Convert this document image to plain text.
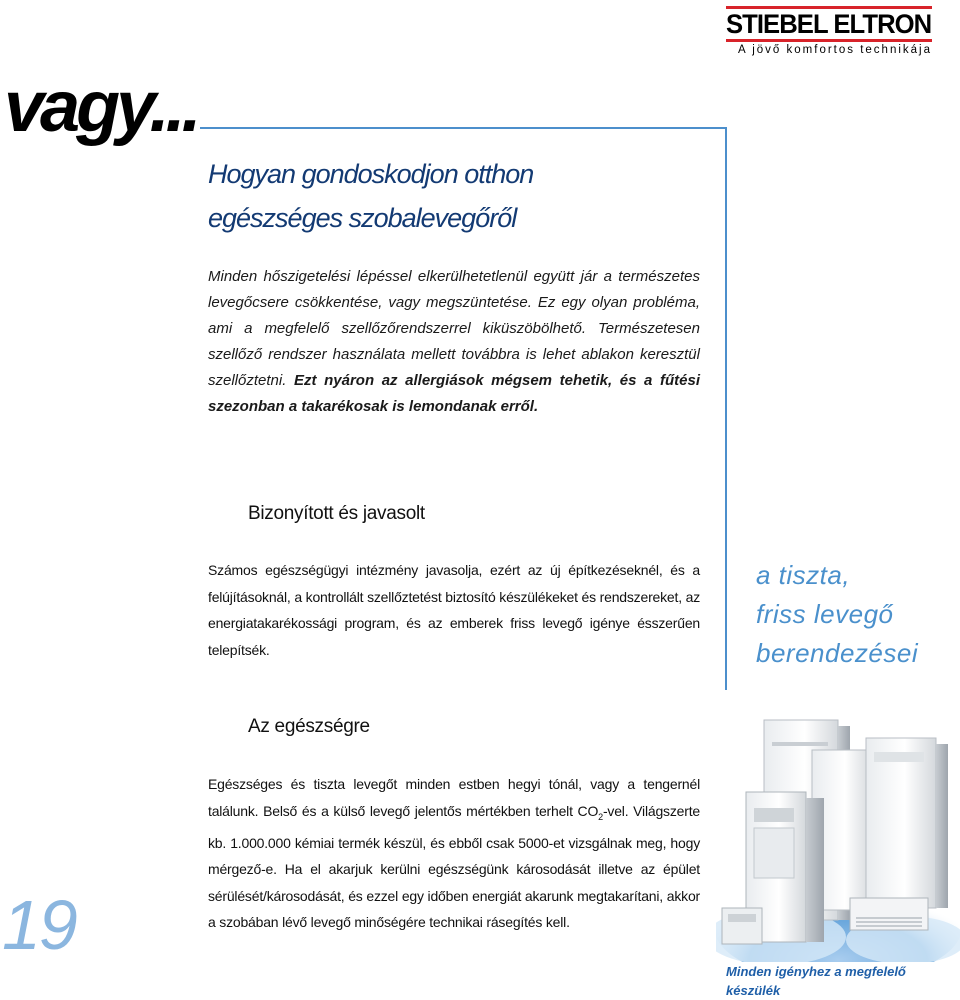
STIEBEL ELTRON
A jövő komfortos technikája
vagy...
Hogyan gondoskodjon otthon
egészséges szobalevegőről
Minden hőszigetelési lépéssel elkerülhetetlenül együtt jár a természetes levegőcsere csökkentése, vagy megszüntetése. Ez egy olyan probléma, ami a megfelelő szellőzőrendszerrel kiküszöbölhető. Természetesen szellőző rendszer használata mellett továbbra is lehet ablakon keresztül szellőztetni. Ezt nyáron az allergiások mégsem tehetik, és a fűtési szezonban a takarékosak is lemondanak erről.
Bizonyított és javasolt
Számos egészségügyi intézmény javasolja, ezért az új építkezéseknél, és a felújításoknál, a kontrollált szellőztetést biztosító készülékeket és rendszereket, az energiatakarékossági program, és az emberek friss levegő igénye ésszerűen telepítsék.
Az egészségre
Egészséges és tiszta levegőt minden estben hegyi tónál, vagy a tengernél találunk. Belső és a külső levegő jelentős mértékben terhelt $CO_2$-vel. Világszerte kb. 1.000.000 kémiai termék készül, és ebből csak 5000-et vizsgálnak meg, hogy mérgező-e. Ha el akarjuk kerülni egészségünk károsodását illetve az épület sérülését/károsodását, és ezzel egy időben energiát akarunk megtakarítani, akkor a szobában lévő levegő minőségére technikai rásegítés kell.
a tiszta,
friss levegő
berendezései
19
Minden igényhez a megfelelő
készülék
